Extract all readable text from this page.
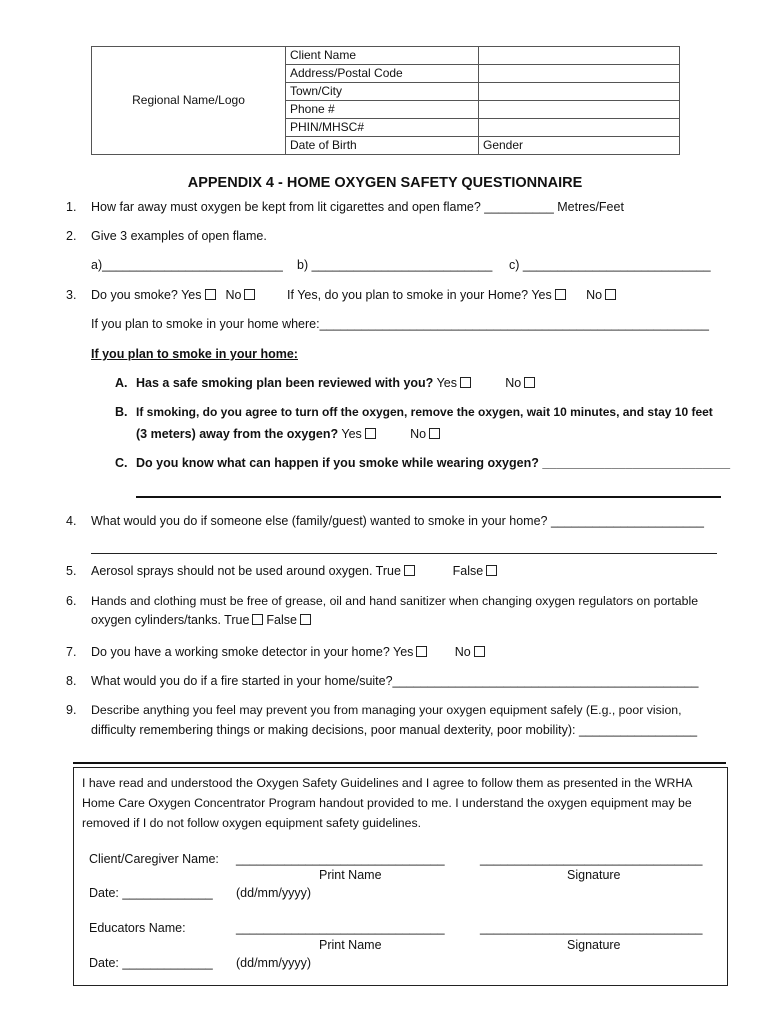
Regional Name/Logo	Client Name	
	Address/Postal Code	
	Town/City	
	Phone #	
	PHIN/MHSC#	
	Date of Birth	Gender
APPENDIX 4 - HOME OXYGEN SAFETY QUESTIONNAIRE
1. How far away must oxygen be kept from lit cigarettes and open flame? __________ Metres/Feet
2. Give 3 examples of open flame.
a)__________________________ b) __________________________ c) ___________________________
3. Do you smoke? Yes No	If Yes, do you plan to smoke in your Home? Yes	No
If you plan to smoke in your home where:________________________________________________________
If you plan to smoke in your home:
A. Has a safe smoking plan been reviewed with you? Yes	No
B. If smoking, do you agree to turn off the oxygen, remove the oxygen, wait 10 minutes, and stay 10 feet
(3 meters) away from the oxygen? Yes	No
C. Do you know what can happen if you smoke while wearing oxygen? ___________________________
4. What would you do if someone else (family/guest) wanted to smoke in your home? ______________________
5. Aerosol sprays should not be used around oxygen. True	False
6. Hands and clothing must be free of grease, oil and hand sanitizer when changing oxygen regulators on portable
oxygen cylinders/tanks. True False
7. Do you have a working smoke detector in your home? Yes	No
8. What would you do if a fire started in your home/suite?____________________________________________
9. Describe anything you feel may prevent you from managing your oxygen equipment safely (E.g., poor vision,
difficulty remembering things or making decisions, poor manual dexterity, poor mobility): _________________
I have read and understood the Oxygen Safety Guidelines and I agree to follow them as presented in the WRHA
Home Care Oxygen Concentrator Program handout provided to me. I understand the oxygen equipment may be
removed if I do not follow oxygen equipment safety guidelines.
Client/Caregiver Name: ______________________________	________________________________
Print Name	Signature
Date: _____________ (dd/mm/yyyy)
Educators Name:	______________________________	________________________________
Print Name	Signature
Date: _____________ (dd/mm/yyyy)
